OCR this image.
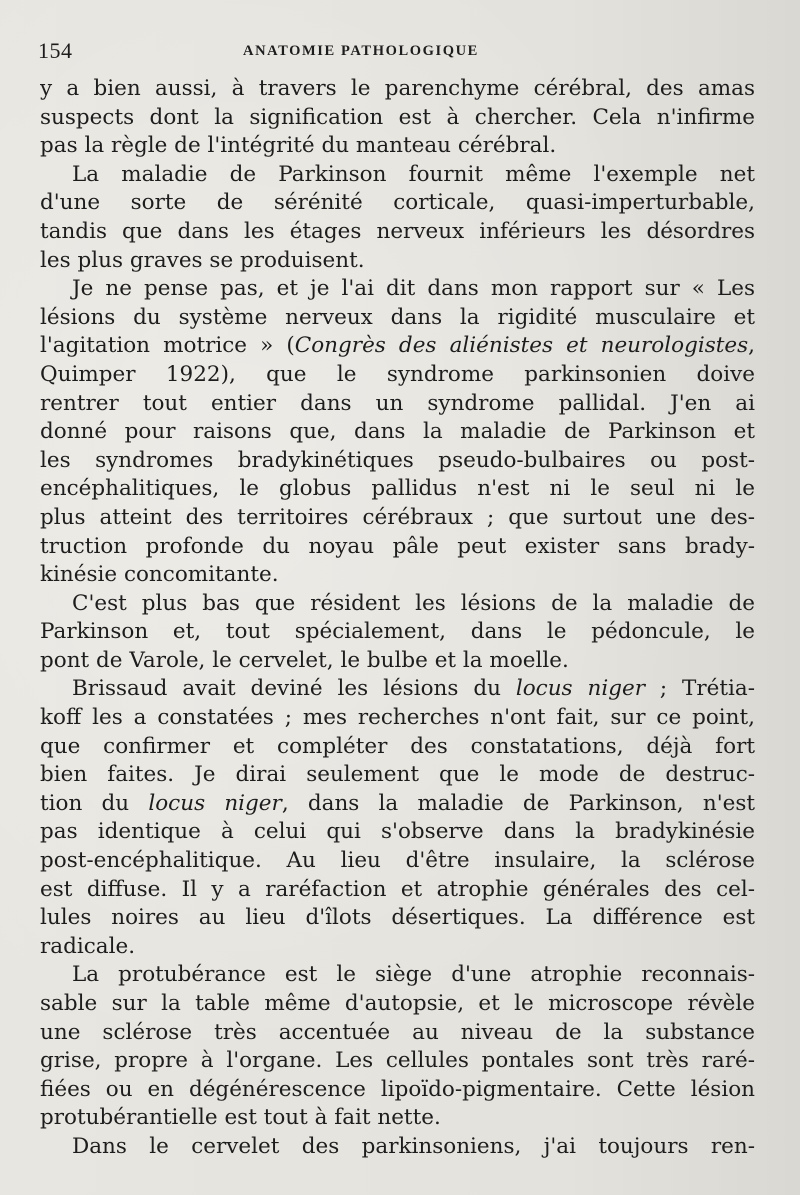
154	ANATOMIE PATHOLOGIQUE
y a bien aussi, à travers le parenchyme cérébral, des amas
suspects dont la signification est à chercher. Cela n'infirme
pas la règle de l'intégrité du manteau cérébral.
La maladie de Parkinson fournit même l'exemple net
d'une sorte de sérénité corticale, quasi-imperturbable,
tandis que dans les étages nerveux inférieurs les désordres
les plus graves se produisent.
Je ne pense pas, et je l'ai dit dans mon rapport sur « Les
lésions du système nerveux dans la rigidité musculaire et
l'agitation motrice » (Congrès des aliénistes et neurologistes,
Quimper 1922), que le syndrome parkinsonien doive
rentrer tout entier dans un syndrome pallidal. J'en ai
donné pour raisons que, dans la maladie de Parkinson et
les syndromes bradykinétiques pseudo-bulbaires ou post-
encéphalitiques, le globus pallidus n'est ni le seul ni le
plus atteint des territoires cérébraux ; que surtout une des-
truction profonde du noyau pâle peut exister sans brady-
kinésie concomitante.
C'est plus bas que résident les lésions de la maladie de
Parkinson et, tout spécialement, dans le pédoncule, le
pont de Varole, le cervelet, le bulbe et la moelle.
Brissaud avait deviné les lésions du locus niger ; Trétia-
koff les a constatées ; mes recherches n'ont fait, sur ce point,
que confirmer et compléter des constatations, déjà fort
bien faites. Je dirai seulement que le mode de destruc-
tion du locus niger, dans la maladie de Parkinson, n'est
pas identique à celui qui s'observe dans la bradykinésie
post-encéphalitique. Au lieu d'être insulaire, la sclérose
est diffuse. Il y a raréfaction et atrophie générales des cel-
lules noires au lieu d'îlots désertiques. La différence est
radicale.
La protubérance est le siège d'une atrophie reconnais-
sable sur la table même d'autopsie, et le microscope révèle
une sclérose très accentuée au niveau de la substance
grise, propre à l'organe. Les cellules pontales sont très raré-
fiées ou en dégénérescence lipoïdo-pigmentaire. Cette lésion
protubérantielle est tout à fait nette.
Dans le cervelet des parkinsoniens, j'ai toujours ren-
